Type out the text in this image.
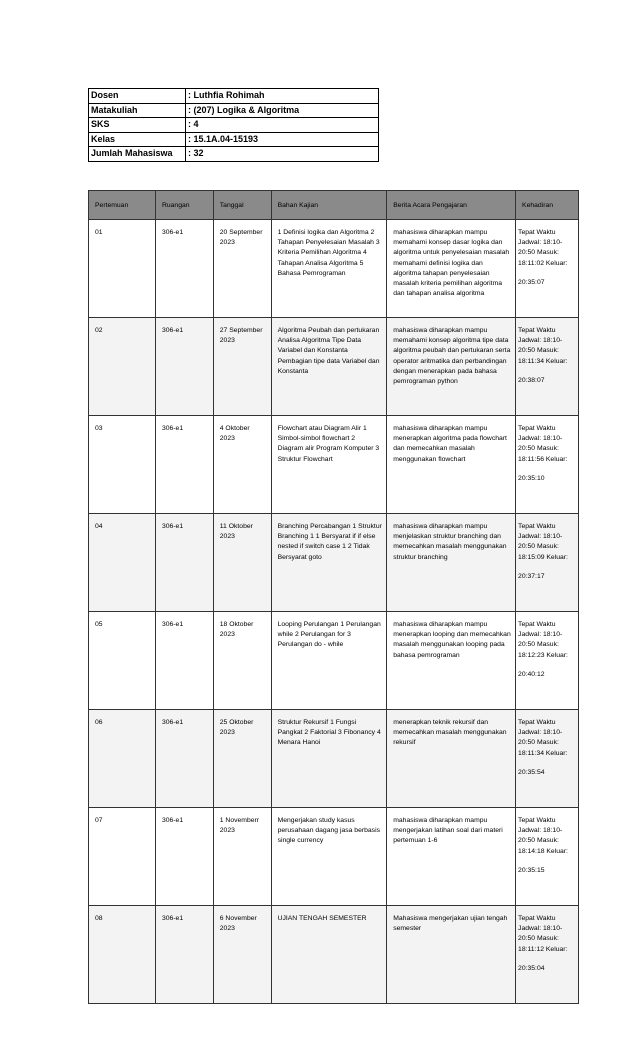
Dosen	: Luthfia Rohimah
Matakuliah	: (207) Logika & Algoritma
SKS	: 4
Kelas	: 15.1A.04-15193
Jumlah Mahasiswa	: 32
Pertemuan	Ruangan	Tanggal	Bahan Kajian	Berita Acara Pengajaran	Kehadiran
01	306-e1	20 September 2023	1 Definisi logika dan Algoritma 2 Tahapan Penyelesaian Masalah 3 Kriteria Pemilihan Algoritma 4 Tahapan Analisa Algoritma 5 Bahasa Pemrograman	mahasiswa diharapkan mampu memahami konsep dasar logika dan algoritma untuk penyelesaian masalah memahami definisi logika dan algoritma tahapan penyelesaian masalah kriteria pemilihan algoritma dan tahapan analisa algoritma	Tepat Waktu Jadwal: 18:10-20:50 Masuk: 18:11:02 Keluar:
20:35:07

02	306-e1	27 September 2023	Algoritma Peubah dan pertukaran Analisa Algoritma Tipe Data Variabel dan Konstanta Pembagian tipe data Variabel dan Konstanta	mahasiswa diharapkan mampu memahami konsep algoritma tipe data algoritma peubah dan pertukaran serta operator aritmatika dan perbandingan dengan menerapkan pada bahasa pemrograman python	Tepat Waktu Jadwal: 18:10-20:50 Masuk: 18:11:34 Keluar:
20:38:07

03	306-e1	4 Oktober 2023	Flowchart atau Diagram Alir 1 Simbol-simbol flowchart 2 Diagram alir Program Komputer 3 Struktur Flowchart	mahasiswa diharapkan mampu menerapkan algoritma pada flowchart dan memecahkan masalah menggunakan flowchart	Tepat Waktu Jadwal: 18:10-20:50 Masuk: 18:11:56 Keluar:
20:35:10

04	306-e1	11 Oktober 2023	Branching Percabangan 1 Struktur Branching 1 1 Bersyarat if if else nested if switch case 1 2 Tidak Bersyarat goto	mahasiswa diharapkan mampu menjelaskan struktur branching dan memecahkan masalah menggunakan struktur branching	Tepat Waktu Jadwal: 18:10-20:50 Masuk: 18:15:09 Keluar:
20:37:17

05	306-e1	18 Oktober 2023	Looping Perulangan 1 Perulangan while 2 Perulangan for 3 Perulangan do - while	mahasiswa diharapkan mampu menerapkan looping dan memecahkan masalah menggunakan looping pada bahasa pemrograman	Tepat Waktu Jadwal: 18:10-20:50 Masuk: 18:12:23 Keluar:
20:40:12

06	306-e1	25 Oktober 2023	Struktur Rekursif 1 Fungsi Pangkat 2 Faktorial 3 Fibonancy 4 Menara Hanoi	menerapkan teknik rekursif dan memecahkan masalah menggunakan rekursif	Tepat Waktu Jadwal: 18:10-20:50 Masuk: 18:11:34 Keluar:
20:35:54

07	306-e1	1 Novemberr 2023	Mengerjakan study kasus perusahaan dagang jasa berbasis single currency	mahasiswa diharapkan mampu mengerjakan latihan soal dari materi pertemuan 1-6	Tepat Waktu Jadwal: 18:10-20:50 Masuk: 18:14:18 Keluar:
20:35:15

08	306-e1	6 November 2023	UJIAN TENGAH SEMESTER	Mahasiswa mengerjakan ujian tengah semester	Tepat Waktu Jadwal: 18:10-20:50 Masuk: 18:11:12 Keluar:
20:35:04
